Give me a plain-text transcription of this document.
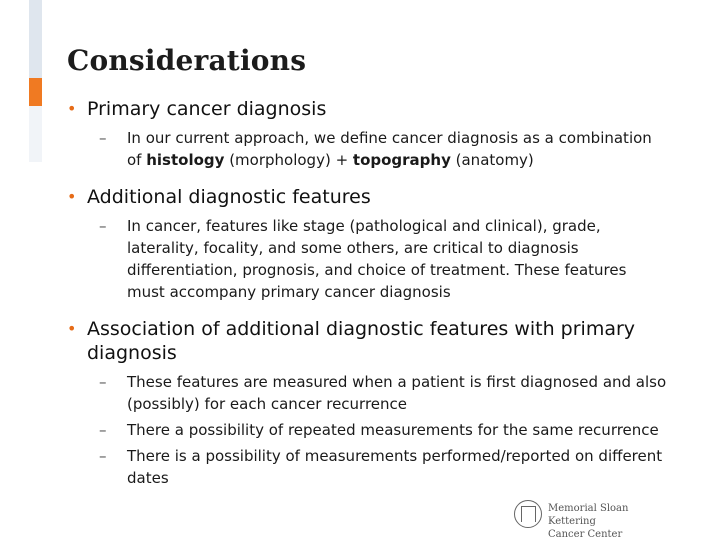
Considerations
• Primary cancer diagnosis
– In our current approach, we define cancer diagnosis as a combination of histology (morphology) + topography (anatomy)
• Additional diagnostic features
– In cancer, features like stage (pathological and clinical), grade, laterality, focality, and some others, are critical to diagnosis differentiation, prognosis, and choice of treatment. These features must accompany primary cancer diagnosis
• Association of additional diagnostic features with primary diagnosis
– These features are measured when a patient is first diagnosed and also (possibly) for each cancer recurrence
– There a possibility of repeated measurements for the same recurrence
– There is a possibility of measurements performed/reported on different dates
Memorial Sloan Kettering
Cancer Center
